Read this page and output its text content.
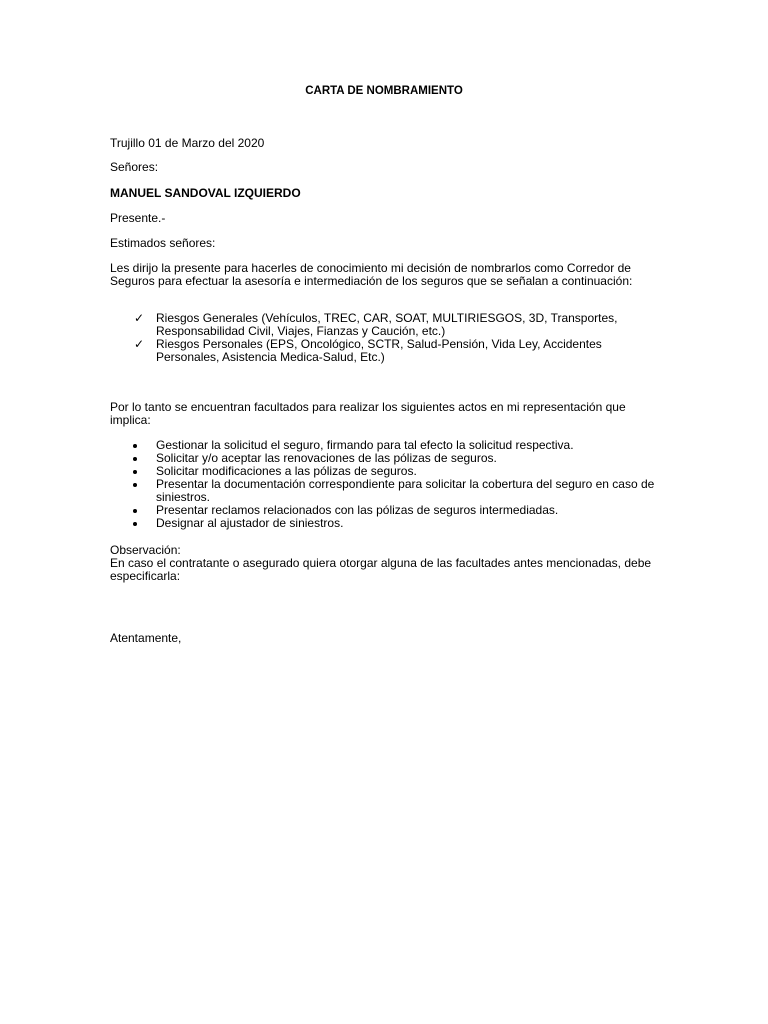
CARTA DE NOMBRAMIENTO

Trujillo 01 de Marzo del 2020

Señores:

MANUEL SANDOVAL IZQUIERDO

Presente.-

Estimados señores:

Les dirijo la presente para hacerles de conocimiento mi decisión de nombrarlos como Corredor de Seguros para efectuar la asesoría e intermediación de los seguros que se señalan a continuación:

✓ Riesgos Generales (Vehículos, TREC, CAR, SOAT, MULTIRIESGOS, 3D, Transportes, Responsabilidad Civil, Viajes, Fianzas y Caución, etc.)
✓ Riesgos Personales (EPS, Oncológico, SCTR, Salud-Pensión, Vida Ley, Accidentes Personales, Asistencia Medica-Salud, Etc.)

Por lo tanto se encuentran facultados para realizar los siguientes actos en mi representación que implica:

Gestionar la solicitud el seguro, firmando para tal efecto la solicitud respectiva.
Solicitar y/o aceptar las renovaciones de las pólizas de seguros.
Solicitar modificaciones a las pólizas de seguros.
Presentar la documentación correspondiente para solicitar la cobertura del seguro en caso de siniestros.
Presentar reclamos relacionados con las pólizas de seguros intermediadas.
Designar al ajustador de siniestros.

Observación:

En caso el contratante o asegurado quiera otorgar alguna de las facultades antes mencionadas, debe especificarla:

Atentamente,
